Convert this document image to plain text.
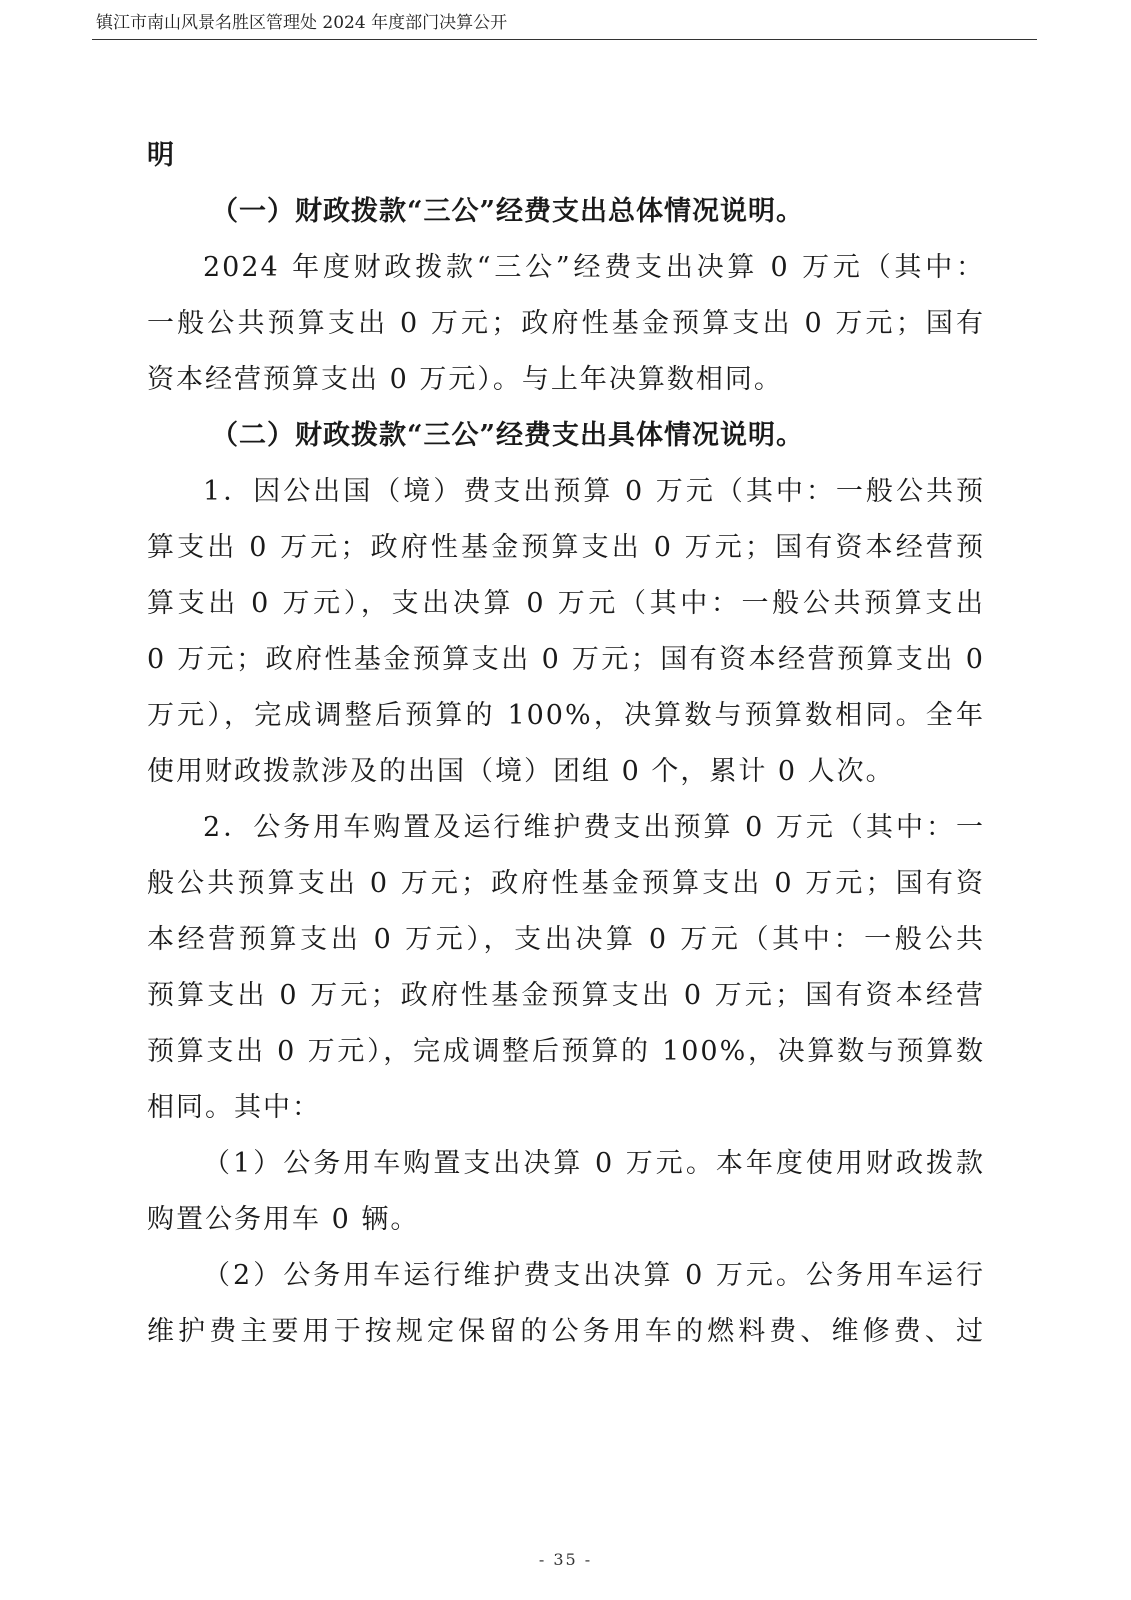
镇江市南山风景名胜区管理处 2024 年度部门决算公开
明
（一）财政拨款“三公”经费支出总体情况说明。
2024 年度财政拨款“三公”经费支出决算 0 万元（其中：
一般公共预算支出 0 万元；政府性基金预算支出 0 万元；国有
资本经营预算支出 0 万元）。与上年决算数相同。
（二）财政拨款“三公”经费支出具体情况说明。
1．因公出国（境）费支出预算 0 万元（其中：一般公共预
算支出 0 万元；政府性基金预算支出 0 万元；国有资本经营预
算支出 0 万元），支出决算 0 万元（其中：一般公共预算支出
0 万元；政府性基金预算支出 0 万元；国有资本经营预算支出 0
万元），完成调整后预算的 100%，决算数与预算数相同。全年
使用财政拨款涉及的出国（境）团组 0 个，累计 0 人次。
2．公务用车购置及运行维护费支出预算 0 万元（其中：一
般公共预算支出 0 万元；政府性基金预算支出 0 万元；国有资
本经营预算支出 0 万元），支出决算 0 万元（其中：一般公共
预算支出 0 万元；政府性基金预算支出 0 万元；国有资本经营
预算支出 0 万元），完成调整后预算的 100%，决算数与预算数
相同。其中：
（1）公务用车购置支出决算 0 万元。本年度使用财政拨款
购置公务用车 0 辆。
（2）公务用车运行维护费支出决算 0 万元。公务用车运行
维护费主要用于按规定保留的公务用车的燃料费、维修费、过
- 35 -
